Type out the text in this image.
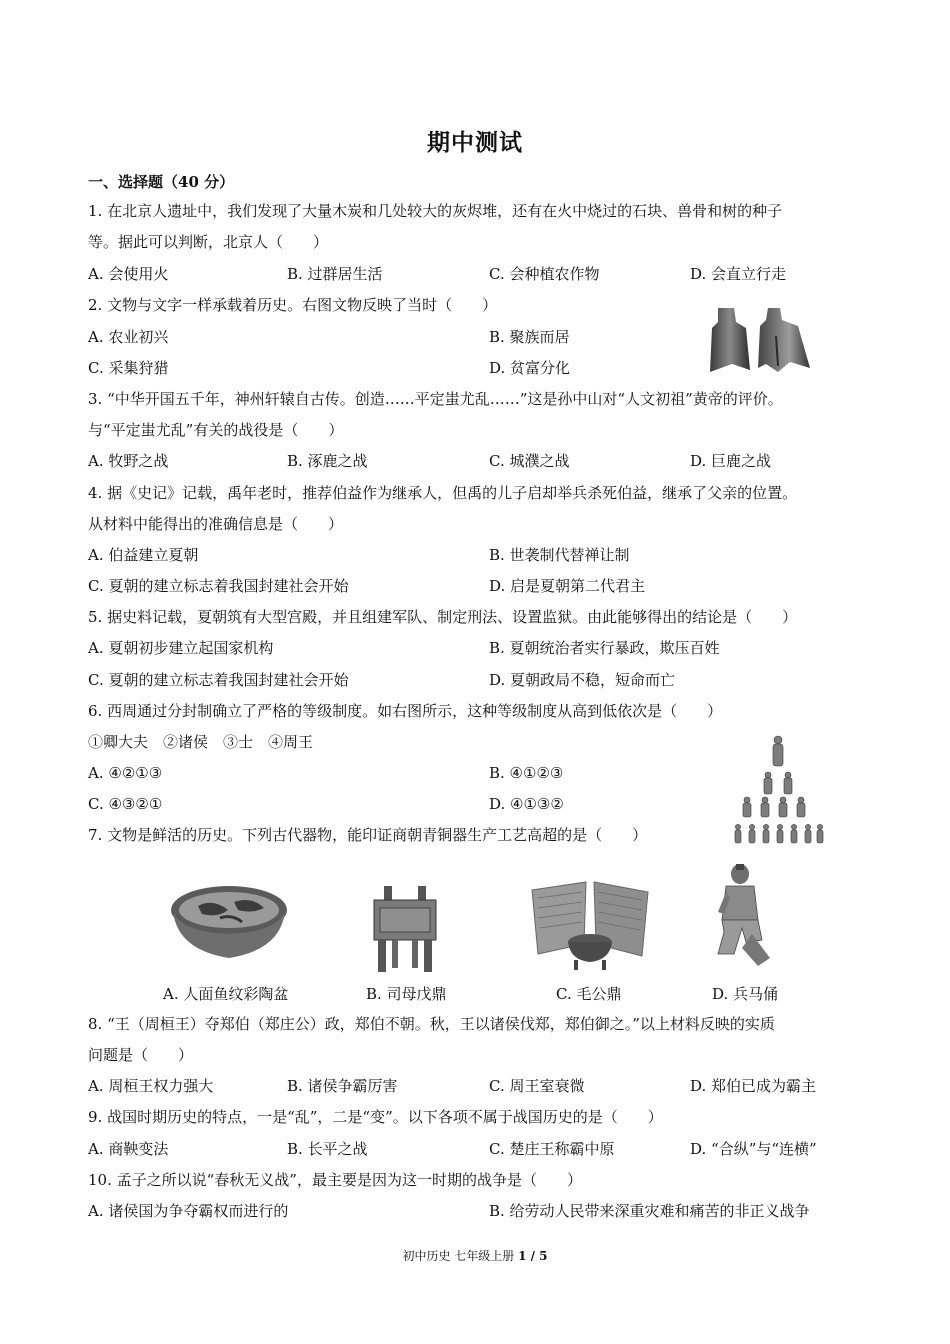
期中测试
一、选择题（40 分）
1. 在北京人遗址中，我们发现了大量木炭和几处较大的灰烬堆，还有在火中烧过的石块、兽骨和树的种子
等。据此可以判断，北京人（　　）
A. 会使用火	B. 过群居生活	C. 会种植农作物	D. 会直立行走
2. 文物与文字一样承载着历史。右图文物反映了当时（　　）
A. 农业初兴	B. 聚族而居
C. 采集狩猎	D. 贫富分化
3. “中华开国五千年，神州轩辕自古传。创造……平定蚩尤乱……”这是孙中山对“人文初祖”黄帝的评价。
与“平定蚩尤乱”有关的战役是（　　）
A. 牧野之战	B. 涿鹿之战	C. 城濮之战	D. 巨鹿之战
4. 据《史记》记载，禹年老时，推荐伯益作为继承人，但禹的儿子启却举兵杀死伯益，继承了父亲的位置。
从材料中能得出的准确信息是（　　）
A. 伯益建立夏朝	B. 世袭制代替禅让制
C. 夏朝的建立标志着我国封建社会开始	D. 启是夏朝第二代君主
5. 据史料记载，夏朝筑有大型宫殿，并且组建军队、制定刑法、设置监狱。由此能够得出的结论是（　　）
A. 夏朝初步建立起国家机构	B. 夏朝统治者实行暴政，欺压百姓
C. 夏朝的建立标志着我国封建社会开始	D. 夏朝政局不稳，短命而亡
6. 西周通过分封制确立了严格的等级制度。如右图所示，这种等级制度从高到低依次是（　　）
①卿大夫　②诸侯　③士　④周王
A. ④②①③	B. ④①②③
C. ④③②①	D. ④①③②
7. 文物是鲜活的历史。下列古代器物，能印证商朝青铜器生产工艺高超的是（　　）
A. 人面鱼纹彩陶盆	B. 司母戊鼎	C. 毛公鼎	D. 兵马俑
8. “王（周桓王）夺郑伯（郑庄公）政，郑伯不朝。秋，王以诸侯伐郑，郑伯御之。”以上材料反映的实质
问题是（　　）
A. 周桓王权力强大	B. 诸侯争霸厉害	C. 周王室衰微	D. 郑伯已成为霸主
9. 战国时期历史的特点，一是“乱”，二是“变”。以下各项不属于战国历史的是（　　）
A. 商鞅变法	B. 长平之战	C. 楚庄王称霸中原	D. “合纵”与“连横”
10. 孟子之所以说“春秋无义战”，最主要是因为这一时期的战争是（　　）
A. 诸侯国为争夺霸权而进行的	B. 给劳动人民带来深重灾难和痛苦的非正义战争
初中历史 七年级上册 1 / 5
